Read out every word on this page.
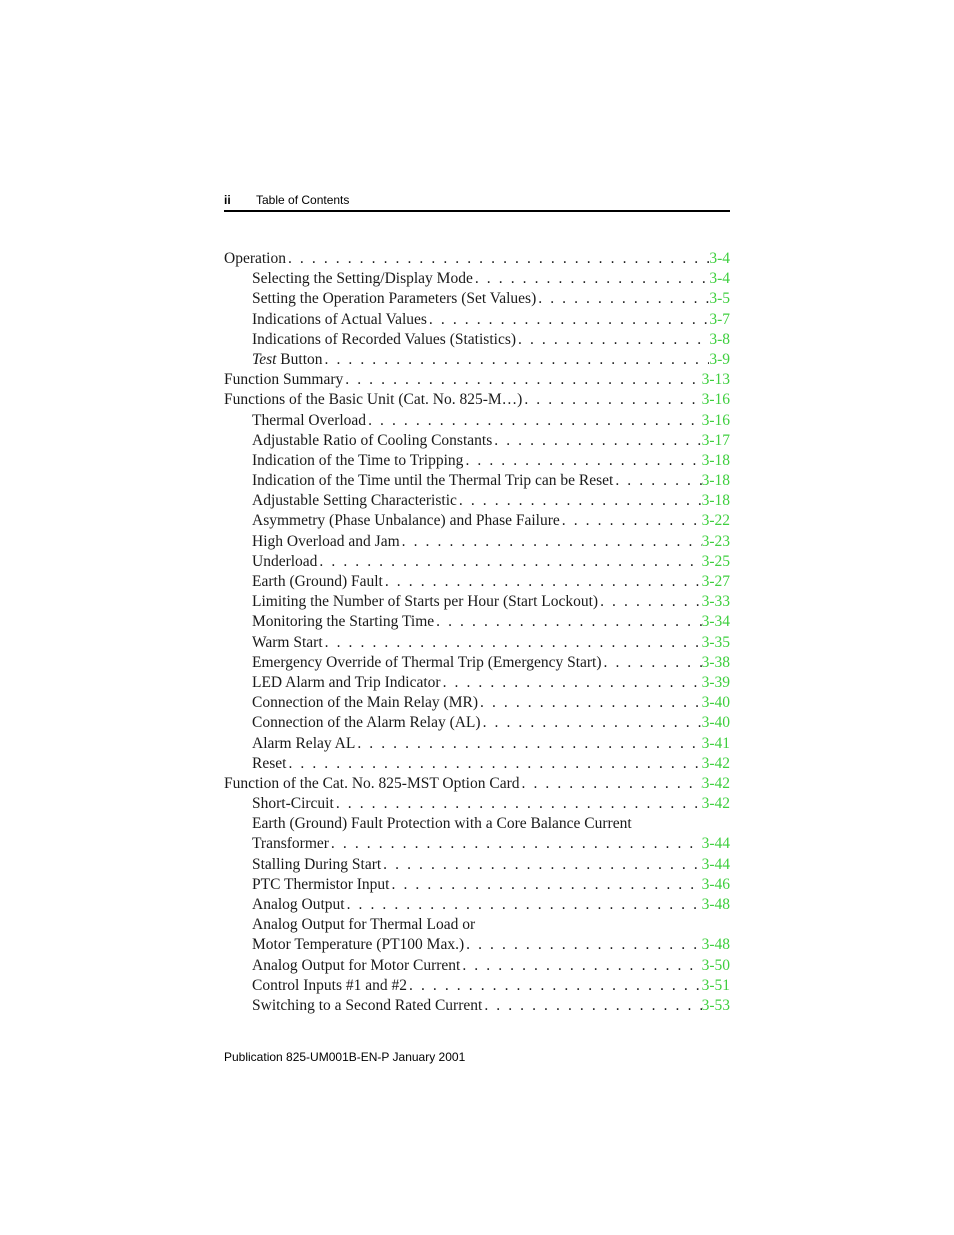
ii Table of Contents
Operation . . .	3-4
Selecting the Setting/Display Mode . . .	3-4
Setting the Operation Parameters (Set Values) . . .	3-5
Indications of Actual Values . . .	3-7
Indications of Recorded Values (Statistics) . . .	3-8
Test Button . . .	3-9
Function Summary . . .	3-13
Functions of the Basic Unit (Cat. No. 825-M…) . . .	3-16
Thermal Overload . . .	3-16
Adjustable Ratio of Cooling Constants . . .	3-17
Indication of the Time to Tripping . . .	3-18
Indication of the Time until the Thermal Trip can be Reset . . .	3-18
Adjustable Setting Characteristic . . .	3-18
Asymmetry (Phase Unbalance) and Phase Failure . . .	3-22
High Overload and Jam . . .	3-23
Underload . . .	3-25
Earth (Ground) Fault . . .	3-27
Limiting the Number of Starts per Hour (Start Lockout) . . .	3-33
Monitoring the Starting Time . . .	3-34
Warm Start . . .	3-35
Emergency Override of Thermal Trip (Emergency Start) . . .	3-38
LED Alarm and Trip Indicator . . .	3-39
Connection of the Main Relay (MR) . . .	3-40
Connection of the Alarm Relay (AL) . . .	3-40
Alarm Relay AL . . .	3-41
Reset . . .	3-42
Function of the Cat. No. 825-MST Option Card . . .	3-42
Short-Circuit . . .	3-42
Earth (Ground) Fault Protection with a Core Balance Current
Transformer . . .	3-44
Stalling During Start . . .	3-44
PTC Thermistor Input . . .	3-46
Analog Output . . .	3-48
Analog Output for Thermal Load or
Motor Temperature (PT100 Max.) . . .	3-48
Analog Output for Motor Current . . .	3-50
Control Inputs #1 and #2 . . .	3-51
Switching to a Second Rated Current . . .	3-53
Publication 825-UM001B-EN-P January 2001
